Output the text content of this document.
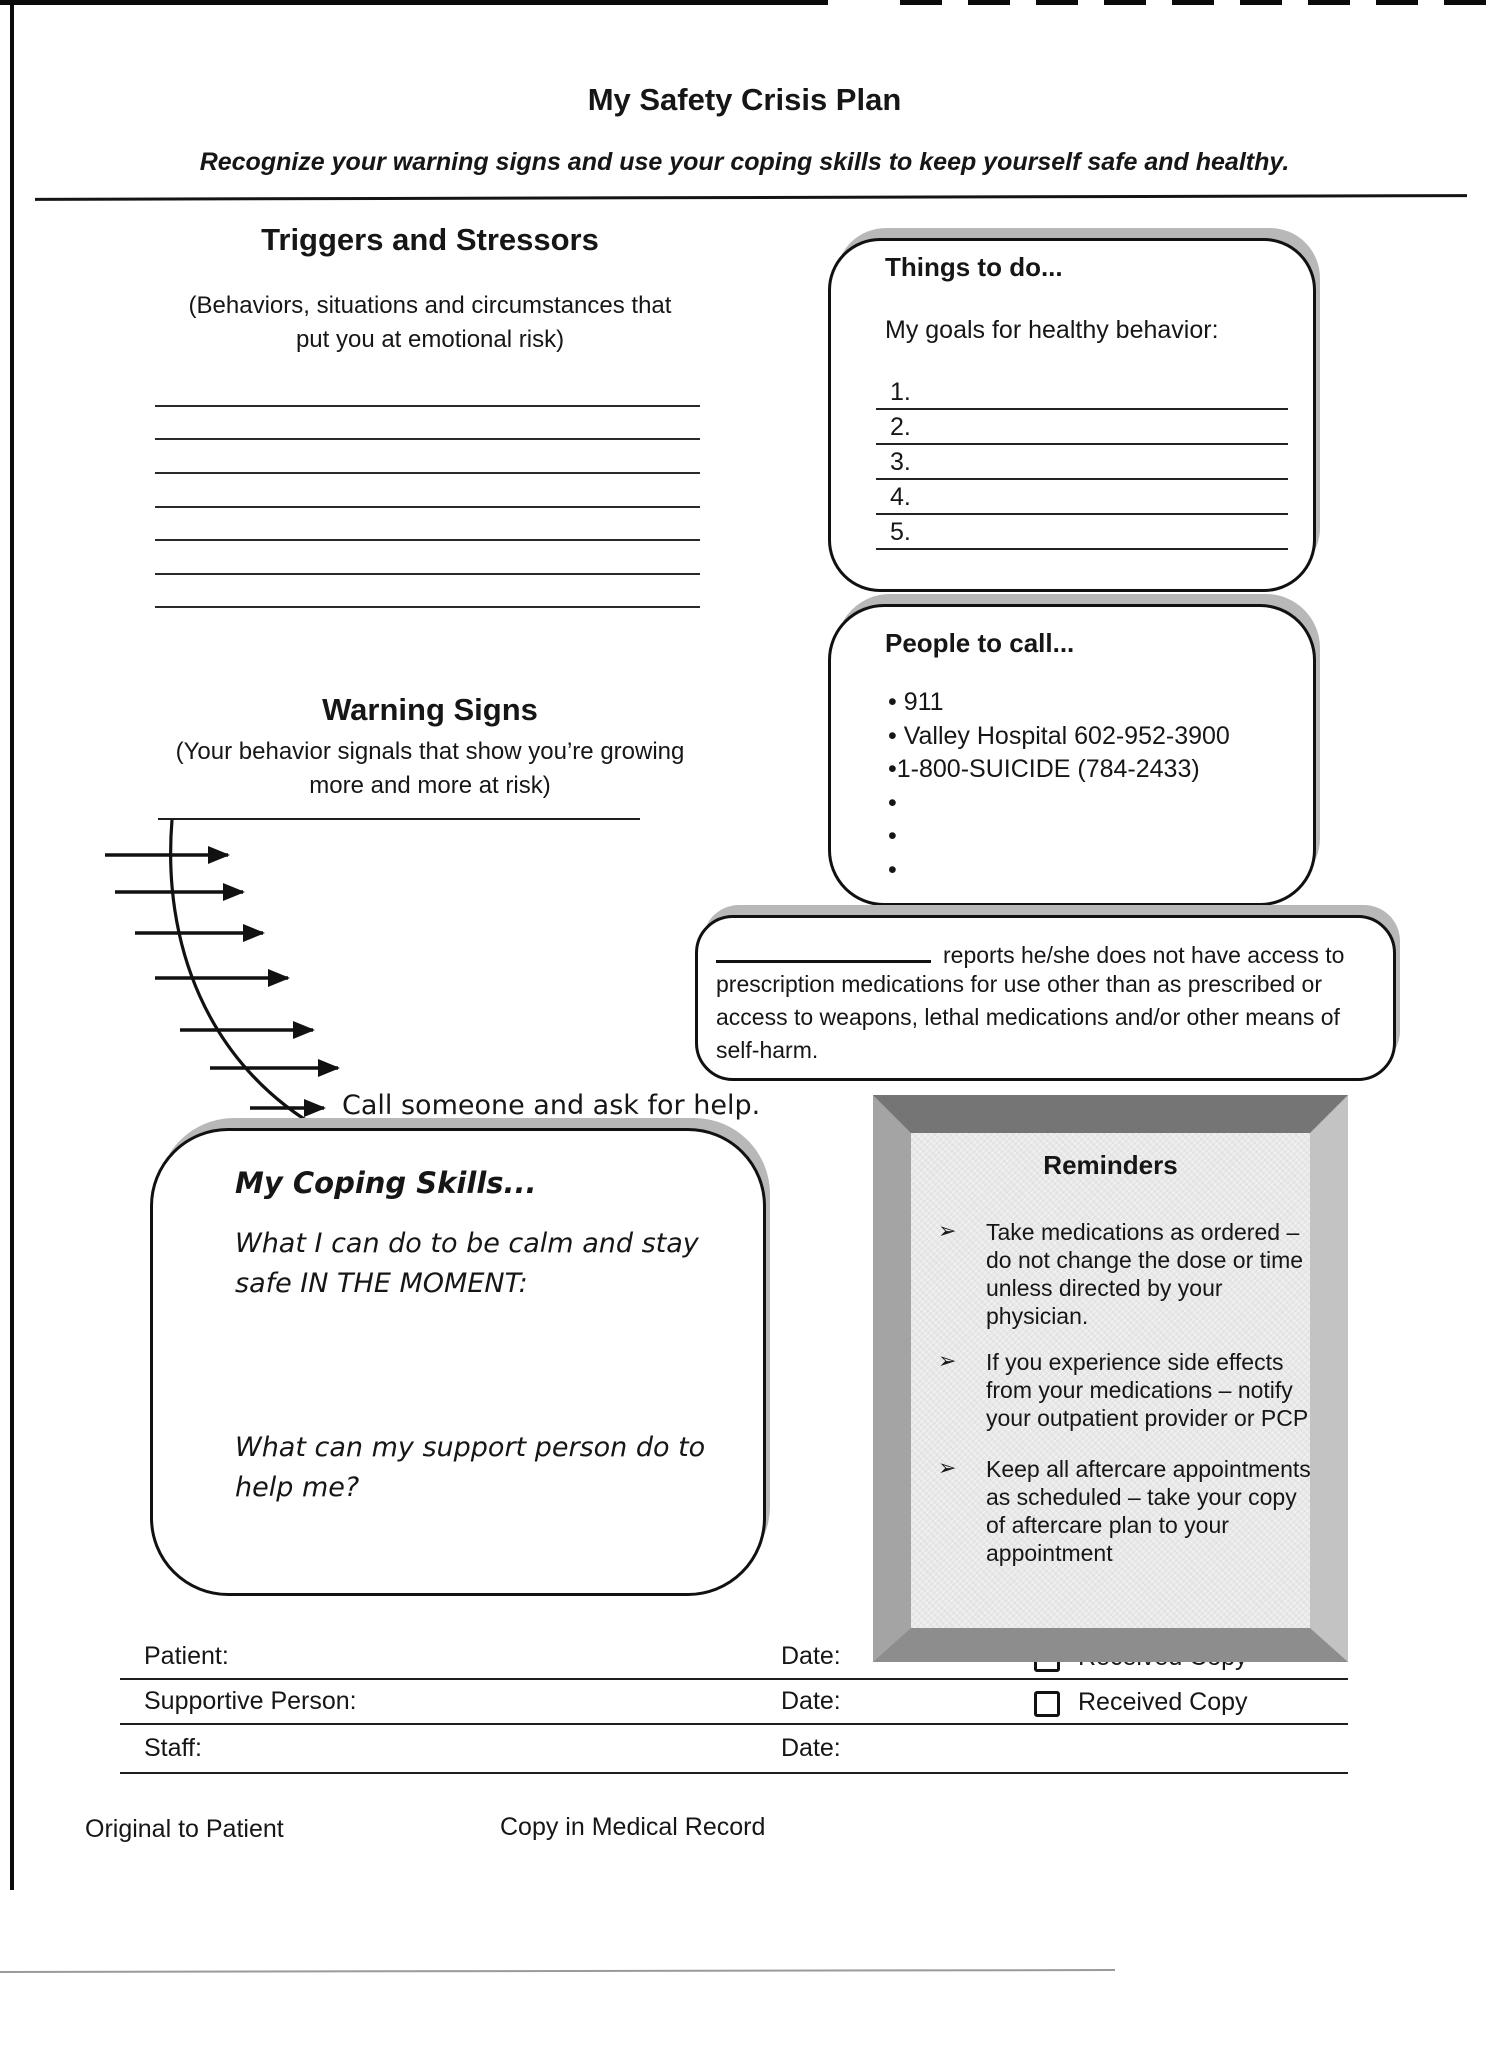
My Safety Crisis Plan
Recognize your warning signs and use your coping skills to keep yourself safe and healthy.
Triggers and Stressors
(Behaviors, situations and circumstances that
put you at emotional risk)
Warning Signs
(Your behavior signals that show you’re growing
more and more at risk)
Call someone and ask for help.
Things to do...
My goals for healthy behavior:
1.
2.
3.
4.
5.
People to call...
• 911
• Valley Hospital 602-952-3900
•1-800-SUICIDE (784-2433)
•
•
•
reports he/she does not have access to
prescription medications for use other than as prescribed or
access to weapons, lethal medications and/or other means of
self-harm.
My Coping Skills...
What I can do to be calm and stay
safe IN THE MOMENT:
What can my support person do to
help me?
Reminders
➢	Take medications as ordered –
do not change the dose or time
unless directed by your
physician.
➢	If you experience side effects
from your medications – notify
your outpatient provider or PCP
➢	Keep all aftercare appointments
as scheduled – take your copy
of aftercare plan to your
appointment
Patient:	Date:
Supportive Person:	Date:	Received Copy
Staff:	Date:
Original to Patient	Copy in Medical Record
